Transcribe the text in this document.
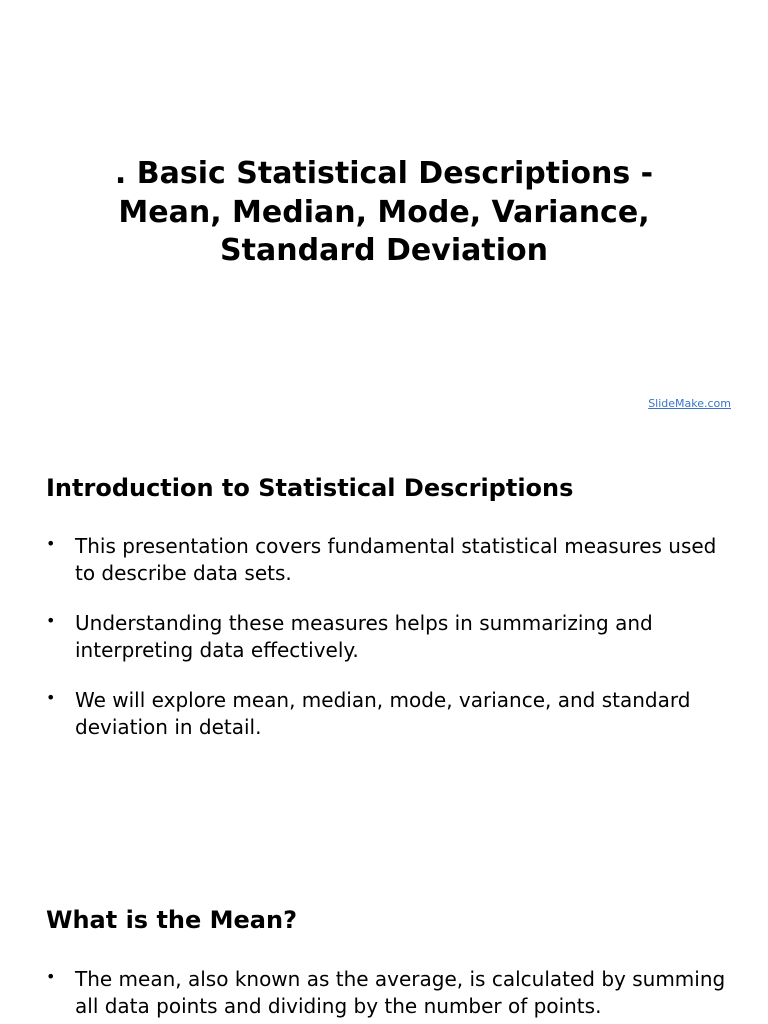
. Basic Statistical Descriptions - Mean, Median, Mode, Variance, Standard Deviation
SlideMake.com
Introduction to Statistical Descriptions
• This presentation covers fundamental statistical measures used to describe data sets.
• Understanding these measures helps in summarizing and interpreting data effectively.
• We will explore mean, median, mode, variance, and standard deviation in detail.
What is the Mean?
• The mean, also known as the average, is calculated by summing all data points and dividing by the number of points.
